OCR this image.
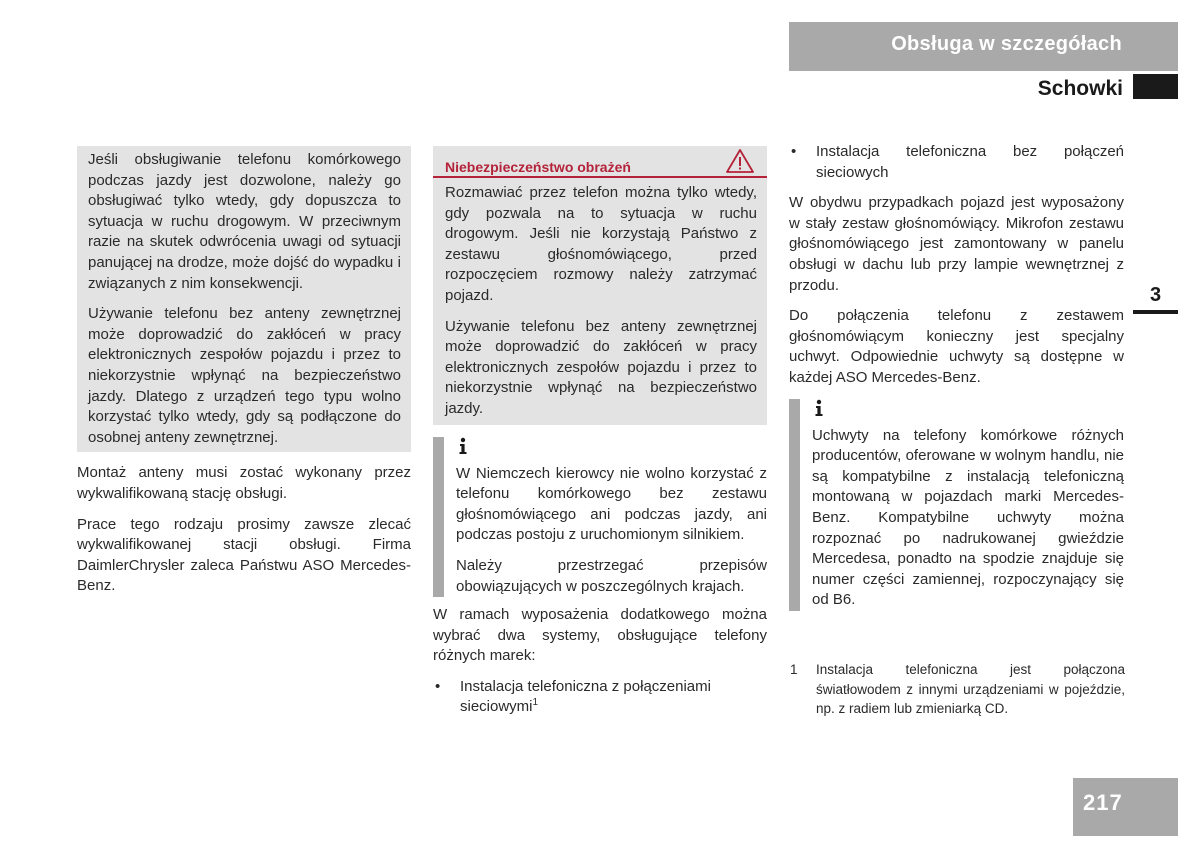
Obsługa w szczegółach
Schowki
3
217

Jeśli obsługiwanie telefonu komórkowego podczas jazdy jest dozwolone, należy go obsługiwać tylko wtedy, gdy dopuszcza to sytuacja w ruchu drogowym. W przeciwnym razie na skutek odwrócenia uwagi od sytuacji panującej na drodze, może dojść do wypadku i związanych z nim konsekwencji.

Używanie telefonu bez anteny zewnętrznej może doprowadzić do zakłóceń w pracy elektronicznych zespołów pojazdu i przez to niekorzystnie wpłynąć na bezpieczeństwo jazdy. Dlatego z urządzeń tego typu wolno korzystać tylko wtedy, gdy są podłączone do osobnej anteny zewnętrznej.

Montaż anteny musi zostać wykonany przez wykwalifikowaną stację obsługi.

Prace tego rodzaju prosimy zawsze zlecać wykwalifikowanej stacji obsługi. Firma DaimlerChrysler zaleca Państwu ASO Mercedes-Benz.

Niebezpieczeństwo obrażeń

Rozmawiać przez telefon można tylko wtedy, gdy pozwala na to sytuacja w ruchu drogowym. Jeśli nie korzystają Państwo z zestawu głośnomówiącego, przed rozpoczęciem rozmowy należy zatrzymać pojazd.

Używanie telefonu bez anteny zewnętrznej może doprowadzić do zakłóceń w pracy elektronicznych zespołów pojazdu i przez to niekorzystnie wpłynąć na bezpieczeństwo jazdy.

W Niemczech kierowcy nie wolno korzystać z telefonu komórkowego bez zestawu głośnomówiącego ani podczas jazdy, ani podczas postoju z uruchomionym silnikiem.

Należy przestrzegać przepisów obowiązujących w poszczególnych krajach.

W ramach wyposażenia dodatkowego można wybrać dwa systemy, obsługujące telefony różnych marek:

• Instalacja telefoniczna z połączeniami sieciowymi$^1$
• Instalacja telefoniczna bez połączeń sieciowych

W obydwu przypadkach pojazd jest wyposażony w stały zestaw głośnomówiący. Mikrofon zestawu głośnomówiącego jest zamontowany w panelu obsługi w dachu lub przy lampie wewnętrznej z przodu.

Do połączenia telefonu z zestawem głośnomówiącym konieczny jest specjalny uchwyt. Odpowiednie uchwyty są dostępne w każdej ASO Mercedes-Benz.

Uchwyty na telefony komórkowe różnych producentów, oferowane w wolnym handlu, nie są kompatybilne z instalacją telefoniczną montowaną w pojazdach marki Mercedes-Benz. Kompatybilne uchwyty można rozpoznać po nadrukowanej gwieździe Mercedesa, ponadto na spodzie znajduje się numer części zamiennej, rozpoczynający się od B6.

1	Instalacja telefoniczna jest połączona światłowodem z innymi urządzeniami w pojeździe, np. z radiem lub zmieniarką CD.
